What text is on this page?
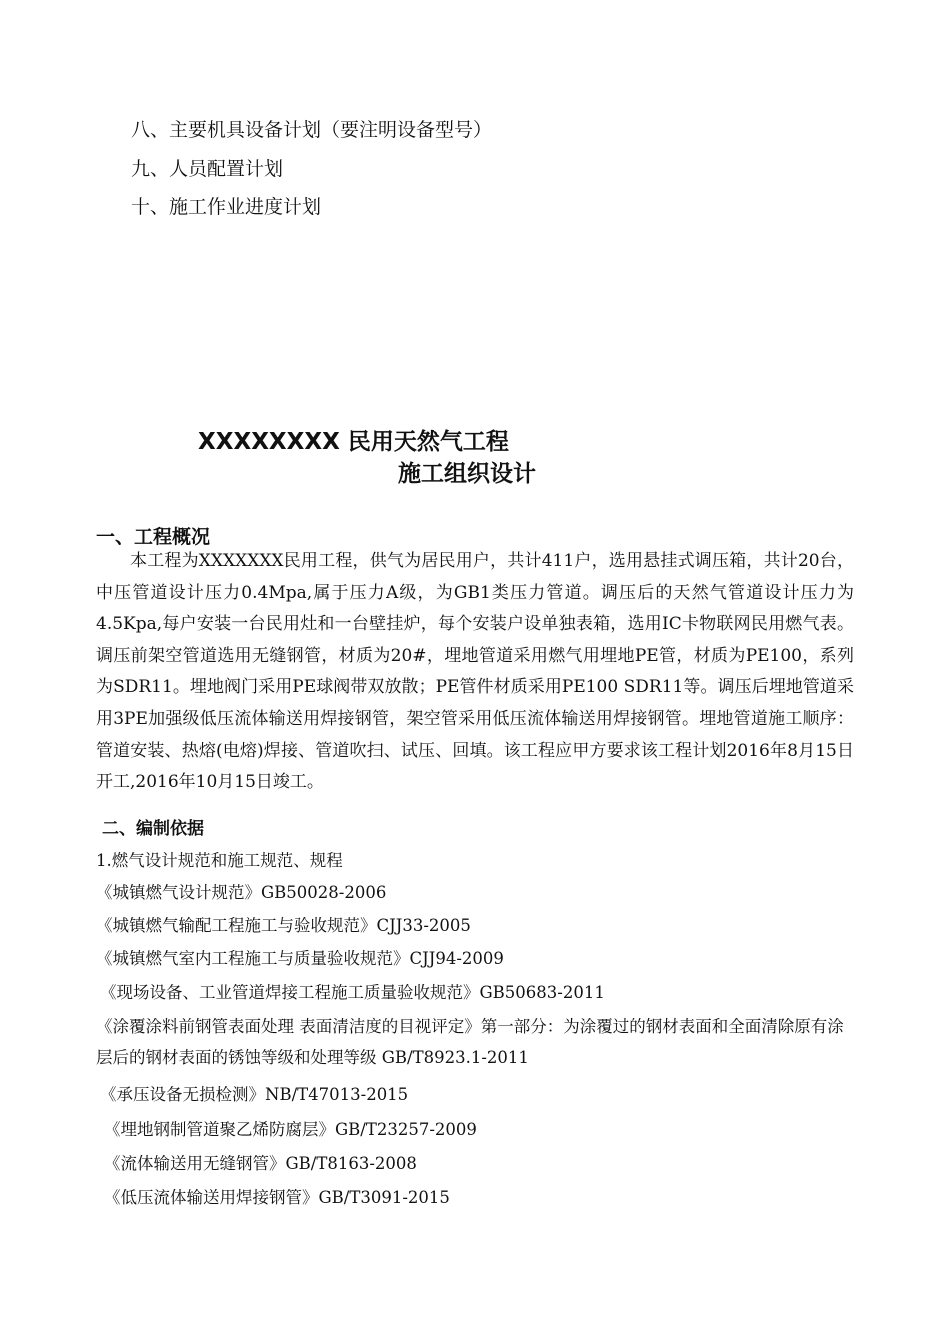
八、主要机具设备计划（要注明设备型号）
九、人员配置计划
十、施工作业进度计划
XXXXXXXX 民用天然气工程
施工组织设计
一、工程概况
本工程为XXXXXXX民用工程，供气为居民用户，共计411户，选用悬挂式调压箱，共计20台，中压管道设计压力0.4Mpa,属于压力A级，为GB1类压力管道。调压后的天然气管道设计压力为4.5Kpa,每户安装一台民用灶和一台壁挂炉，每个安装户设单独表箱，选用IC卡物联网民用燃气表。调压前架空管道选用无缝钢管，材质为20#，埋地管道采用燃气用埋地PE管，材质为PE100，系列为SDR11。埋地阀门采用PE球阀带双放散；PE管件材质采用PE100 SDR11等。调压后埋地管道采用3PE加强级低压流体输送用焊接钢管，架空管采用低压流体输送用焊接钢管。埋地管道施工顺序：管道安装、热熔(电熔)焊接、管道吹扫、试压、回填。该工程应甲方要求该工程计划2016年8月15日开工,2016年10月15日竣工。
二、编制依据
1.燃气设计规范和施工规范、规程
《城镇燃气设计规范》GB50028-2006
《城镇燃气输配工程施工与验收规范》CJJ33-2005
《城镇燃气室内工程施工与质量验收规范》CJJ94-2009
《现场设备、工业管道焊接工程施工质量验收规范》GB50683-2011
《涂覆涂料前钢管表面处理 表面清洁度的目视评定》第一部分：为涂覆过的钢材表面和全面清除原有涂层后的钢材表面的锈蚀等级和处理等级 GB/T8923.1-2011
《承压设备无损检测》NB/T47013-2015
《埋地钢制管道聚乙烯防腐层》GB/T23257-2009
《流体输送用无缝钢管》GB/T8163-2008
《低压流体输送用焊接钢管》GB/T3091-2015
